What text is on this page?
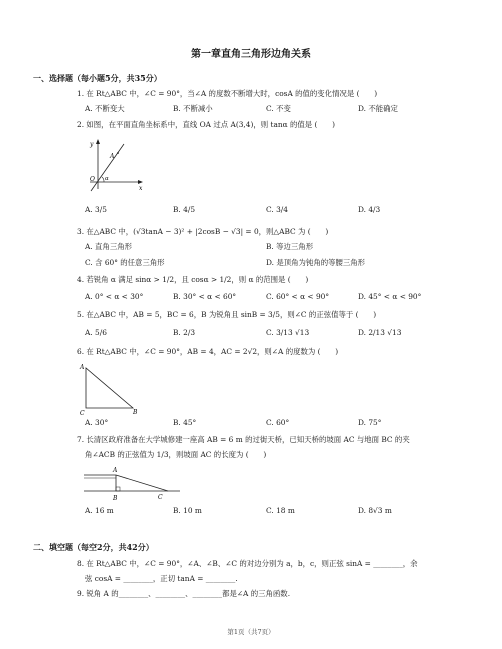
第一章直角三角形边角关系
一、选择题（每小题5分，共35分）
1. 在 Rt△ABC 中，∠C = 90°，当∠A 的度数不断增大时，cosA 的值的变化情况是 (　　)
A. 不断变大	B. 不断减小	C. 不变	D. 不能确定
2. 如图，在平面直角坐标系中，直线 OA 过点 A(3,4)，则 tanα 的值是 (　　)
y
x
O
A
α
A. 3/5	B. 4/5	C. 3/4	D. 4/3
3. 在△ABC 中，(√3tanA − 3)² + |2cosB − √3| = 0，则△ABC 为 (　　)
A. 直角三角形	B. 等边三角形
C. 含 60° 的任意三角形	D. 是顶角为钝角的等腰三角形
4. 若锐角 α 满足 sinα > 1/2，且 cosα > 1/2，则 α 的范围是 (　　)
A. 0° < α < 30°	B. 30° < α < 60°	C. 60° < α < 90°	D. 45° < α < 90°
5. 在△ABC 中，AB = 5，BC = 6，B 为锐角且 sinB = 3/5，则∠C 的正弦值等于 (　　)
A. 5/6	B. 2/3	C. 3/13 √13	D. 2/13 √13
6. 在 Rt△ABC 中，∠C = 90°，AB = 4，AC = 2√2，则∠A 的度数为 (　　)
A
C	B
A. 30°	B. 45°	C. 60°	D. 75°
7. 长清区政府准备在大学城修建一座高 AB = 6 m 的过街天桥，已知天桥的坡面 AC 与地面 BC 的夹
角∠ACB 的正弦值为 1/3，则坡面 AC 的长度为 (　　)
A
B	C
A. 16 m	B. 10 m	C. 18 m	D. 8√3 m
二、填空题（每空2分，共42分）
8. 在 Rt△ABC 中，∠C = 90°，∠A、∠B、∠C 的对边分别为 a，b，c，则正弦 sinA = ________，余
弦 cosA = ________，正切 tanA = ________.
9. 锐角 A 的________、________、________都是∠A 的三角函数.
第1页（共7页）
